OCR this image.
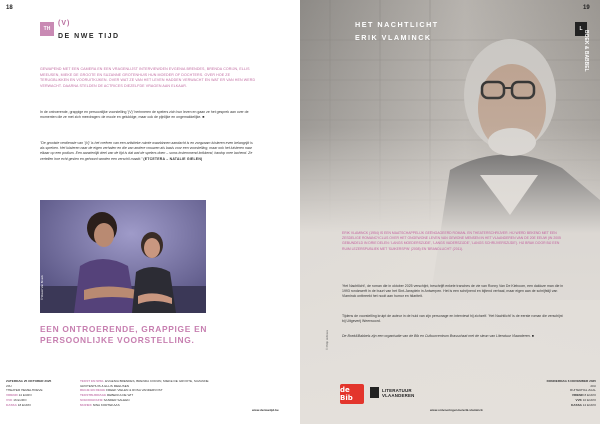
18
TH
(V)
DE NWE TIJD

GEWAPEND MET EEN CAMERA EN EEN VRAGENLIJST INTERVIEWDEN EVGENIA BRENDES, BRENDA CORIJN, ELLIS MEEUSEN, MIEKE DE GROOTE EN SUZANNE GROTENHUIS HUN MOEDER OF DOCHTERS. OVER HOE ZE TERUGBLIKKEN EN VOORUITKIJKEN. OVER WAT ZE VAN HET LEVEN HADDEN VERWACHT EN WAT ER VAN HEN WERD VERWACHT. DAARNA STELDEN DE ACTRICES DIEZELFDE VRAGEN AAN ELKAAR.

In de ontroerende, grappige en persoonlijke voorstelling '(V)' herinneren de spelers zich hun leven en gaan ze het gesprek aan over de momenten die ze met zich meedragen: de mooie en gelukkige, maar ook de pijnlijke en ongemakkelijke. ■

"De grootste verdienste van '(V)' is het creëren van een artistieke ruimte waarbinnen aandacht is en zorgzaam luisteren even belangrijk is als spreken. Het luisteren naar de eigen verhalen en die van andere vrouwen als basis voor een voorstelling, maar ook het luisteren naar elkaar op een podium. Een aanzienlijk deel van de tijd is dat wat de spelers doen – soms instemmend knikkend, hardop mee lachend. Ze vertellen hoe echt geslen en gehoord worden een verschil maakt." (ETCETERA – NATALIE GIELEN)

© Wouter Van Broeck

EEN ONTROERENDE, GRAPPIGE EN PERSOONLIJKE VOORSTELLING.

ZATERDAG 25 OKTOBER 2025
20U
THEATER HEMELHOEVE
VRIEND 14 EURO
VVK 16 EURO
KASSA 18 EURO
TEKST EN SPEL EVGENIA BRENDES, BRENDA CORIJN, MIEKE DE GROOTE, SUZANNE GROTENHUIS & ELLIS MEEUSEN
REGIE EN REGIE FREEK VIELEN & ROSA VANDERVOST
TEKSTBIJDRAGE REBEKKA DE WIT
SCENOGRAFIE SANDER SALEEN
MUZIEK NINA KORTEKAAS
www.denwetijd.be
19
L
BOEK & BABBEL
HET NACHTLICHT
ERIK VLAMINCK

ERIK VLAMINCK (1954) IS EEN MAATSCHAPPELIJK GEËNGAGEERD ROMAN- EN THEATERSCHRIJVER. HIJ WERD BEKEND MET EEN ZESDELIGE ROMANCYCLUS OVER HET ONGEWONE LEVEN VAN GEWONE MENSEN IN HET VLAANDEREN VAN DE 20E EEUW (IN 2005 GEBUNDELD IN DRIE DELEN: 'LANGS MOEDERSZIJDE', 'LANGS VADERSZIJDE', 'LANGS SCHRIJVERSZIJDE'). HIJ BRAK DOOR BIJ EEN RUIM LEZERSPUBLIEK MET 'SUIKERSPIN' (2008) EN 'BRANDLUCHT' (2011).

'Het Nachtlicht', de roman die in oktober 2025 verschijnt, beschrijft enkele tranches de vie van Ronny Van De Kieboom, een dakloze man die in 1993 rondzwerft in de buurt van het Sint-Jansplein in Antwerpen. Het is een schrijnend en bijtend verhaal, maar eigen aan de schrijfstijl van Vlaminck ontbreekt het nooit aan humor en hilariteit.

Tijdens de voorstelling kruipt de auteur in de huid van zijn personage en interviewt hij zichzelf. 'Het Nachtlicht' is de eerste roman die verschijnt bij Uitgeverij Weerwoord.

De Boek&Babbels zijn een organisatie van de Bib en Cultuurcentrum Brasschaat met de steun van Literatuur Vlaanderen. ■

© Philip Hofmans
de Bib
LITERATUUR
VLAANDEREN
www.ontvoeringen.be/erik-vlaminck
DONDERDAG 6 NOVEMBER 2025
20U
RUITERHAL ZAAL
VRIEND 8 EURO
VVK 10 EURO
KASSA 12 EURO
